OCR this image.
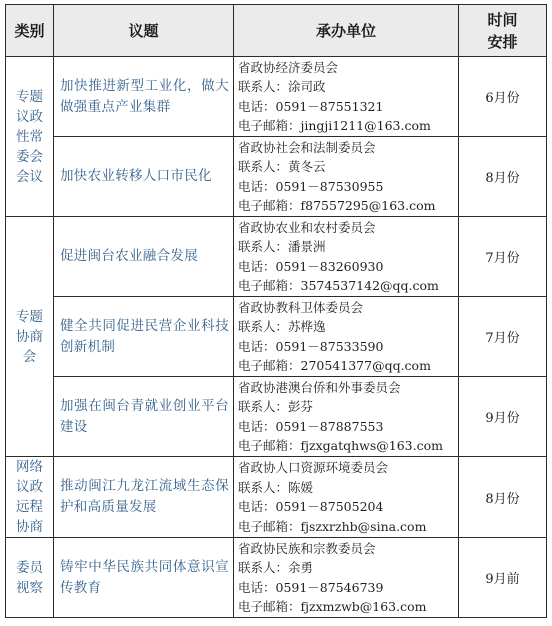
类别	议题	承办单位	时间
安排

专题议政性常委会会议	加快推进新型工业化，做大做强重点产业集群	省政协经济委员会
联系人：涂司政
电话：0591－87551321
电子邮箱：jingji1211@163.com	6月份
	加快农业转移人口市民化	省政协社会和法制委员会
联系人：黄冬云
电话：0591－87530955
电子邮箱：f87557295@163.com	8月份

专题协商会	促进闽台农业融合发展	省政协农业和农村委员会
联系人：潘景洲
电话：0591－83260930
电子邮箱：3574537142@qq.com	7月份
	健全共同促进民营企业科技创新机制	省政协教科卫体委员会
联系人：苏桦逸
电话：0591－87533590
电子邮箱：270541377@qq.com	7月份
	加强在闽台青就业创业平台建设	省政协港澳台侨和外事委员会
联系人：彭芬
电话：0591－87887553
电子邮箱：fjzxgatqhws@163.com	9月份

网络议政远程协商	推动闽江九龙江流域生态保护和高质量发展	省政协人口资源环境委员会
联系人：陈媛
电话：0591－87505204
电子邮箱：fjszxrzhb@sina.com	8月份

委员视察	铸牢中华民族共同体意识宣传教育	省政协民族和宗教委员会
联系人：余勇
电话：0591－87546739
电子邮箱：fjzxmzwb@163.com	9月前
